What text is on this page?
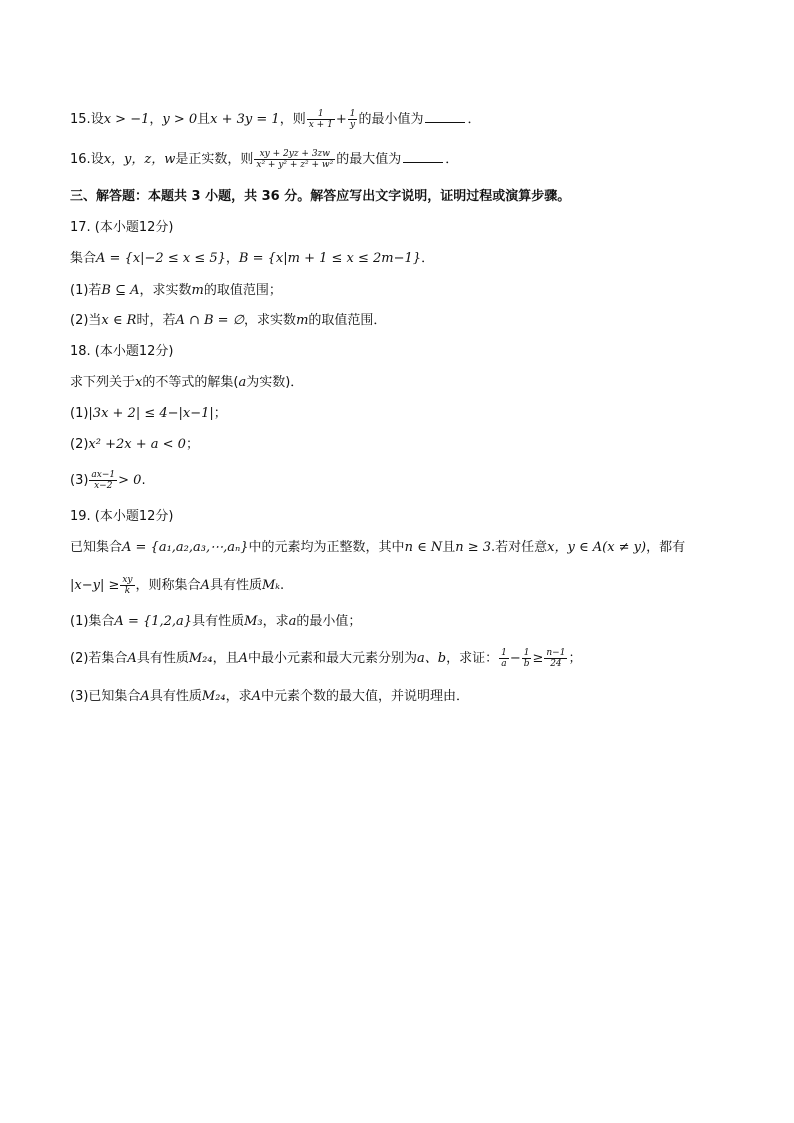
15.设x > −1，y > 0且x + 3y = 1，则 $\frac{1}{x + 1} + \frac{1}{y}$ 的最小值为	．
16.设x，y，z，w是正实数，则 $\frac{xy + 2yz + 3zw}{\text{x² + y² + z² + w²}}$ 的最大值为	．
三、解答题：本题共 3 小题，共 36 分。解答应写出文字说明，证明过程或演算步骤。
17. (本小题12分)
集合A = {x|−2 ≤ x ≤ 5}，B = {x|m + 1 ≤ x ≤ 2m−1}．
(1)若B ⊆ A，求实数m的取值范围；
(2)当x ∈ R时，若A ∩ B = ∅，求实数m的取值范围．
18. (本小题12分)
求下列关于x的不等式的解集(a为实数)．
(1)|3x + 2| ≤ 4−|x−1|；
(2)x² +2x + a < 0；
$(3) \frac{ax-1}{x-2} > 0$.
19. (本小题12分)
已知集合A = {a₁,a₂,a₃,⋯,aₙ}中的元素均为正整数，其中n ∈ N且n ≥ 3.若对任意x，y ∈ A(x ≠ y)，都有
$|x-y| \ge \frac{xy}{k}$ ，则称集合A具有性质Mₖ.
(1)集合A = {1,2,a}具有性质M₃，求a的最小值；
(2)若集合A具有性质M₂₄，且A中最小元素和最大元素分别为a、b，求证： $\frac{1}{a} - \frac{1}{b} \ge \frac{n-1}{24}$ ；
(3)已知集合A具有性质M₂₄，求A中元素个数的最大值，并说明理由．
